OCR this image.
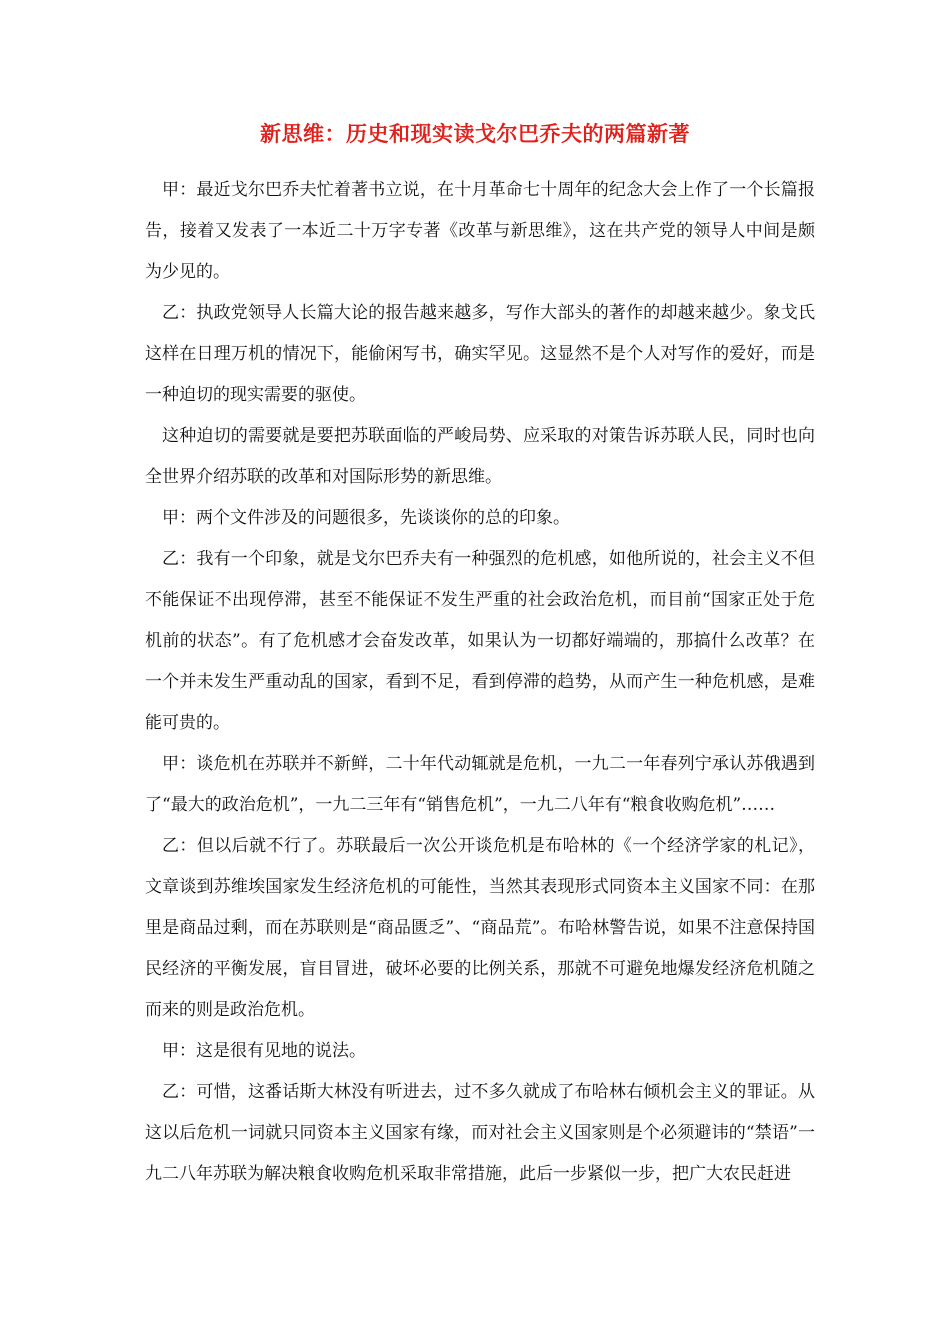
新思维：历史和现实读戈尔巴乔夫的两篇新著

甲：最近戈尔巴乔夫忙着著书立说，在十月革命七十周年的纪念大会上作了一个长篇报告，接着又发表了一本近二十万字专著《改革与新思维》，这在共产党的领导人中间是颇为少见的。

乙：执政党领导人长篇大论的报告越来越多，写作大部头的著作的却越来越少。象戈氏这样在日理万机的情况下，能偷闲写书，确实罕见。这显然不是个人对写作的爱好，而是一种迫切的现实需要的驱使。

这种迫切的需要就是要把苏联面临的严峻局势、应采取的对策告诉苏联人民，同时也向全世界介绍苏联的改革和对国际形势的新思维。

甲：两个文件涉及的问题很多，先谈谈你的总的印象。

乙：我有一个印象，就是戈尔巴乔夫有一种强烈的危机感，如他所说的，社会主义不但不能保证不出现停滞，甚至不能保证不发生严重的社会政治危机，而目前“国家正处于危机前的状态”。有了危机感才会奋发改革，如果认为一切都好端端的，那搞什么改革？在一个并未发生严重动乱的国家，看到不足，看到停滞的趋势，从而产生一种危机感，是难能可贵的。

甲：谈危机在苏联并不新鲜，二十年代动辄就是危机，一九二一年春列宁承认苏俄遇到了“最大的政治危机”，一九二三年有“销售危机”，一九二八年有“粮食收购危机”……

乙：但以后就不行了。苏联最后一次公开谈危机是布哈林的《一个经济学家的札记》，文章谈到苏维埃国家发生经济危机的可能性，当然其表现形式同资本主义国家不同：在那里是商品过剩，而在苏联则是“商品匮乏”、“商品荒”。布哈林警告说，如果不注意保持国民经济的平衡发展，盲目冒进，破坏必要的比例关系，那就不可避免地爆发经济危机随之而来的则是政治危机。

甲：这是很有见地的说法。

乙：可惜，这番话斯大林没有听进去，过不多久就成了布哈林右倾机会主义的罪证。从这以后危机一词就只同资本主义国家有缘，而对社会主义国家则是个必须避讳的“禁语”一九二八年苏联为解决粮食收购危机采取非常措施，此后一步紧似一步，把广大农民赶进
